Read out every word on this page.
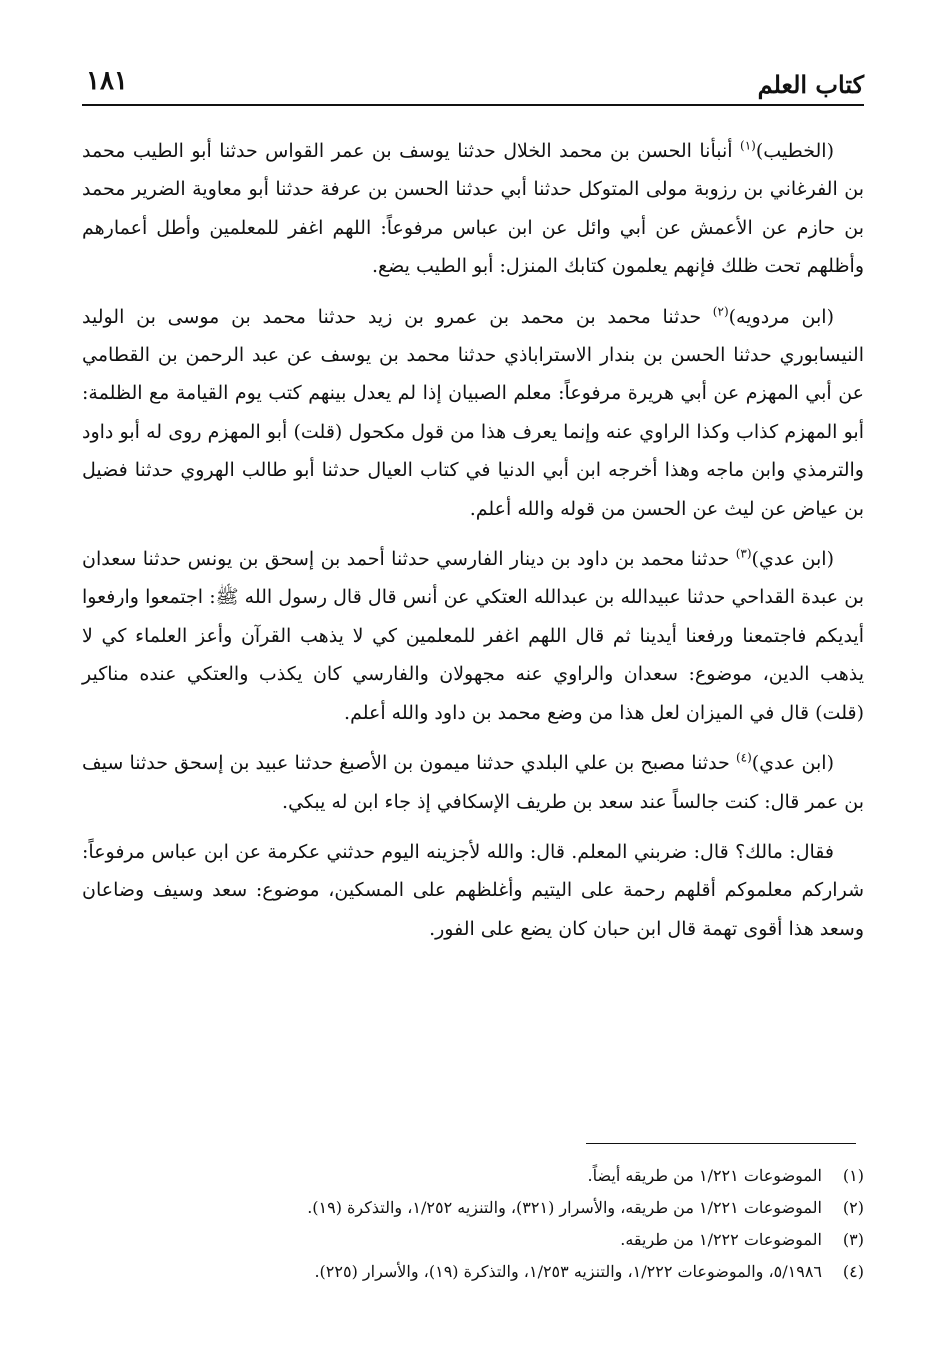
كتاب العلم
١٨١

(الخطيب)$^{(١)}$ أنبأنا الحسن بن محمد الخلال حدثنا يوسف بن عمر القواس حدثنا أبو الطيب محمد بن الفرغاني بن رزوبة مولى المتوكل حدثنا أبي حدثنا الحسن بن عرفة حدثنا أبو معاوية الضرير محمد بن حازم عن الأعمش عن أبي وائل عن ابن عباس مرفوعاً: اللهم اغفر للمعلمين وأطل أعمارهم وأظلهم تحت ظلك فإنهم يعلمون كتابك المنزل: أبو الطيب يضع.

(ابن مردويه)$^{(٢)}$ حدثنا محمد بن محمد بن عمرو بن زيد حدثنا محمد بن موسى بن الوليد النيسابوري حدثنا الحسن بن بندار الاستراباذي حدثنا محمد بن يوسف عن عبد الرحمن بن القطامي عن أبي المهزم عن أبي هريرة مرفوعاً: معلم الصبيان إذا لم يعدل بينهم كتب يوم القيامة مع الظلمة: أبو المهزم كذاب وكذا الراوي عنه وإنما يعرف هذا من قول مكحول (قلت) أبو المهزم روى له أبو داود والترمذي وابن ماجه وهذا أخرجه ابن أبي الدنيا في كتاب العيال حدثنا أبو طالب الهروي حدثنا فضيل بن عياض عن ليث عن الحسن من قوله والله أعلم.

(ابن عدي)$^{(٣)}$ حدثنا محمد بن داود بن دينار الفارسي حدثنا أحمد بن إسحق بن يونس حدثنا سعدان بن عبدة القداحي حدثنا عبيدالله بن عبدالله العتكي عن أنس قال قال رسول الله ﷺ: اجتمعوا وارفعوا أيديكم فاجتمعنا ورفعنا أيدينا ثم قال اللهم اغفر للمعلمين كي لا يذهب القرآن وأعز العلماء كي لا يذهب الدين، موضوع: سعدان والراوي عنه مجهولان والفارسي كان يكذب والعتكي عنده مناكير (قلت) قال في الميزان لعل هذا من وضع محمد بن داود والله أعلم.

(ابن عدي)$^{(٤)}$ حدثنا مصبح بن علي البلدي حدثنا ميمون بن الأصبغ حدثنا عبيد بن إسحق حدثنا سيف بن عمر قال: كنت جالساً عند سعد بن طريف الإسكافي إذ جاء ابن له يبكي.

فقال: مالك؟ قال: ضربني المعلم. قال: والله لأجزينه اليوم حدثني عكرمة عن ابن عباس مرفوعاً: شراركم معلموكم أقلهم رحمة على اليتيم وأغلظهم على المسكين، موضوع: سعد وسيف وضاعان وسعد هذا أقوى تهمة قال ابن حبان كان يضع على الفور.

(١)الموضوعات ١/٢٢١ من طريقه أيضاً.
(٢)الموضوعات ١/٢٢١ من طريقه، والأسرار (٣٢١)، والتنزيه ١/٢٥٢، والتذكرة (١٩).
(٣)الموضوعات ١/٢٢٢ من طريقه.
(٤)٥/١٩٨٦، والموضوعات ١/٢٢٢، والتنزيه ١/٢٥٣، والتذكرة (١٩)، والأسرار (٢٢٥).
